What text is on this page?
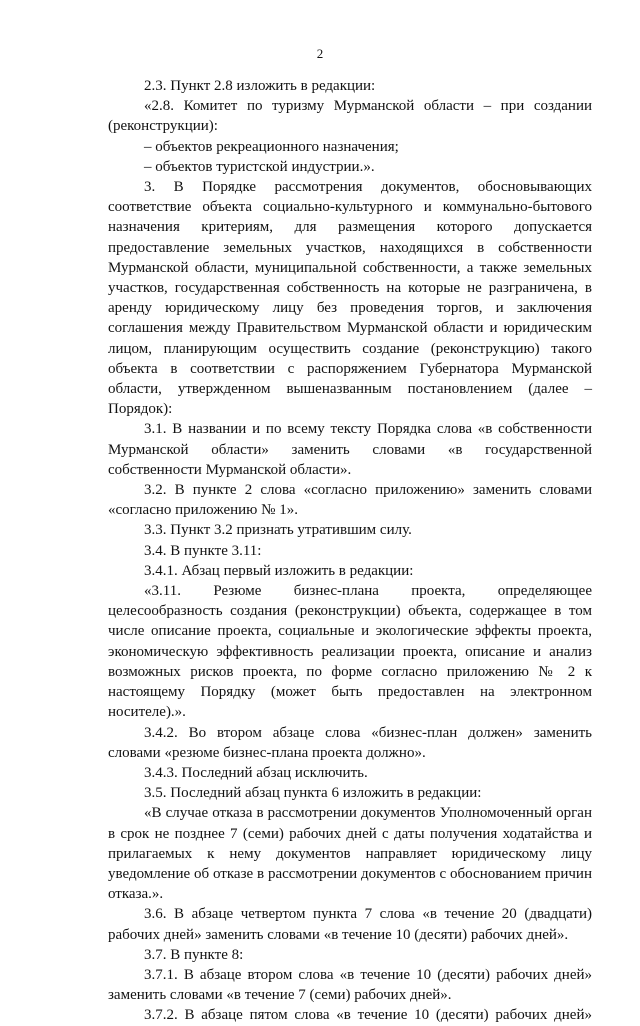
2

2.3. Пункт 2.8 изложить в редакции:

«2.8. Комитет по туризму Мурманской области – при создании (реконструкции):

– объектов рекреационного назначения;

– объектов туристской индустрии.».

3. В Порядке рассмотрения документов, обосновывающих соответствие объекта социально-культурного и коммунально-бытового назначения критериям, для размещения которого допускается предоставление земельных участков, находящихся в собственности Мурманской области, муниципальной собственности, а также земельных участков, государственная собственность на которые не разграничена, в аренду юридическому лицу без проведения торгов, и заключения соглашения между Правительством Мурманской области и юридическим лицом, планирующим осуществить создание (реконструкцию) такого объекта в соответствии с распоряжением Губернатора Мурманской области, утвержденном вышеназванным постановлением (далее – Порядок):

3.1. В названии и по всему тексту Порядка слова «в собственности Мурманской области» заменить словами «в государственной собственности Мурманской области».

3.2. В пункте 2 слова «согласно приложению» заменить словами «согласно приложению № 1».

3.3. Пункт 3.2 признать утратившим силу.

3.4. В пункте 3.11:

3.4.1. Абзац первый изложить в редакции:

«3.11. Резюме бизнес-плана проекта, определяющее целесообразность создания (реконструкции) объекта, содержащее в том числе описание проекта, социальные и экологические эффекты проекта, экономическую эффективность реализации проекта, описание и анализ возможных рисков проекта, по форме согласно приложению № 2 к настоящему Порядку (может быть предоставлен на электронном носителе).».

3.4.2. Во втором абзаце слова «бизнес-план должен» заменить словами «резюме бизнес-плана проекта должно».

3.4.3. Последний абзац исключить.

3.5. Последний абзац пункта 6 изложить в редакции:

«В случае отказа в рассмотрении документов Уполномоченный орган в срок не позднее 7 (семи) рабочих дней с даты получения ходатайства и прилагаемых к нему документов направляет юридическому лицу уведомление об отказе в рассмотрении документов с обоснованием причин отказа.».

3.6. В абзаце четвертом пункта 7 слова «в течение 20 (двадцати) рабочих дней» заменить словами «в течение 10 (десяти) рабочих дней».

3.7. В пункте 8:

3.7.1. В абзаце втором слова «в течение 10 (десяти) рабочих дней» заменить словами «в течение 7 (семи) рабочих дней».

3.7.2. В абзаце пятом слова «в течение 10 (десяти) рабочих дней»
